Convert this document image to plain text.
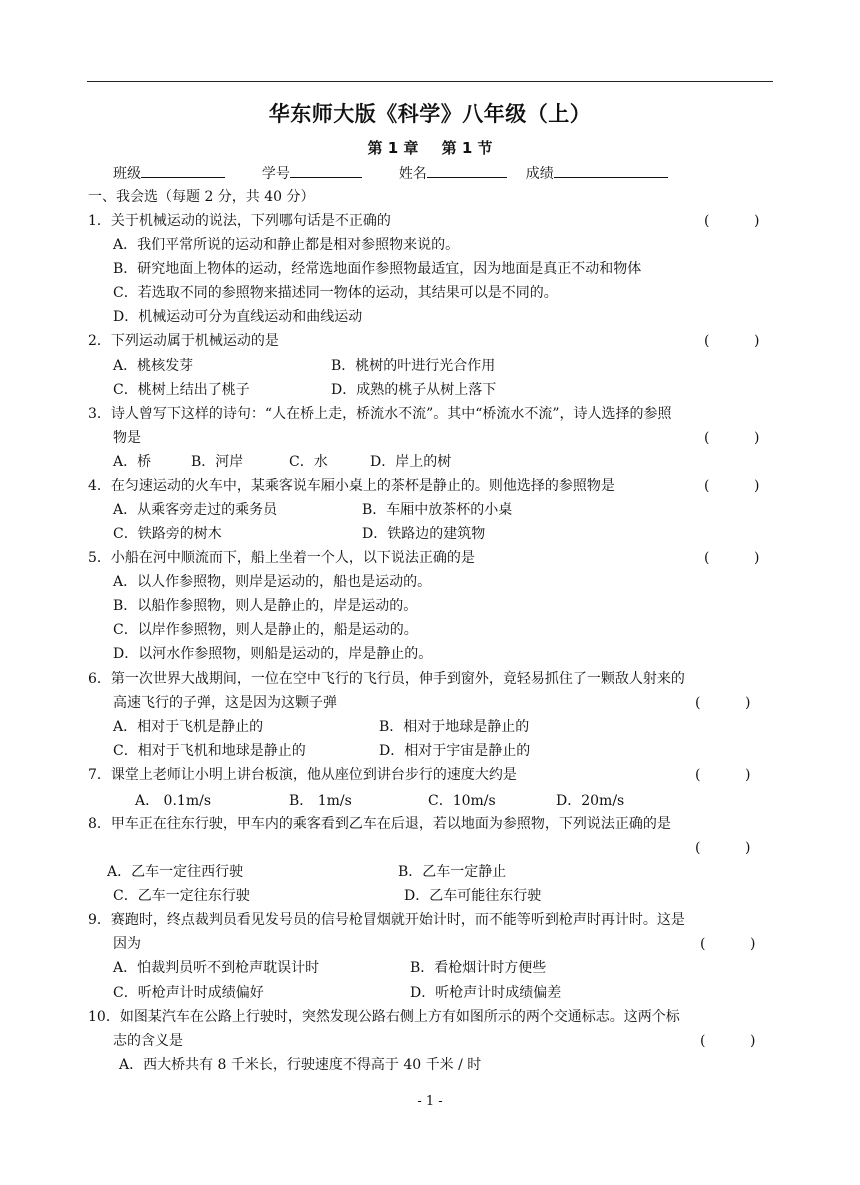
华东师大版《科学》八年级（上）
第 1 章 第 1 节
班级	学号	姓名	成绩
一、我会选（每题 2 分，共 40 分）
1．关于机械运动的说法，下列哪句话是不正确的	(          )
A．我们平常所说的运动和静止都是相对参照物来说的。
B．研究地面上物体的运动，经常选地面作参照物最适宜，因为地面是真正不动和物体
C．若选取不同的参照物来描述同一物体的运动，其结果可以是不同的。
D．机械运动可分为直线运动和曲线运动
2．下列运动属于机械运动的是	(          )
A．桃核发芽	B．桃树的叶进行光合作用
C．桃树上结出了桃子	D．成熟的桃子从树上落下
3．诗人曾写下这样的诗句：“人在桥上走，桥流水不流”。其中“桥流水不流”，诗人选择的参照
物是	(          )
A．桥	B．河岸	C．水	D．岸上的树
4．在匀速运动的火车中，某乘客说车厢小桌上的茶杯是静止的。则他选择的参照物是	(          )
A．从乘客旁走过的乘务员	B．车厢中放茶杯的小桌
C．铁路旁的树木	D．铁路边的建筑物
5．小船在河中顺流而下，船上坐着一个人，以下说法正确的是	(          )
A．以人作参照物，则岸是运动的，船也是运动的。
B．以船作参照物，则人是静止的，岸是运动的。
C．以岸作参照物，则人是静止的，船是运动的。
D．以河水作参照物，则船是运动的，岸是静止的。
6．第一次世界大战期间，一位在空中飞行的飞行员，伸手到窗外，竟轻易抓住了一颗敌人射来的
高速飞行的子弹，这是因为这颗子弹	(          )
A．相对于飞机是静止的	B．相对于地球是静止的
C．相对于飞机和地球是静止的	D．相对于宇宙是静止的
7．课堂上老师让小明上讲台板演，他从座位到讲台步行的速度大约是	(          )
A． 0.1m/s	B． 1m/s	C．10m/s	D．20m/s
8．甲车正在往东行驶，甲车内的乘客看到乙车在后退，若以地面为参照物，下列说法正确的是
(          )
A．乙车一定往西行驶	B．乙车一定静止
C．乙车一定往东行驶	D．乙车可能往东行驶
9．赛跑时，终点裁判员看见发号员的信号枪冒烟就开始计时，而不能等听到枪声时再计时。这是
因为	(          )
A．怕裁判员听不到枪声耽误计时	B．看枪烟计时方便些
C．听枪声计时成绩偏好	D．听枪声计时成绩偏差
10．如图某汽车在公路上行驶时，突然发现公路右侧上方有如图所示的两个交通标志。这两个标
志的含义是	(          )
A．西大桥共有 8 千米长，行驶速度不得高于 40 千米 / 时
- 1 -
